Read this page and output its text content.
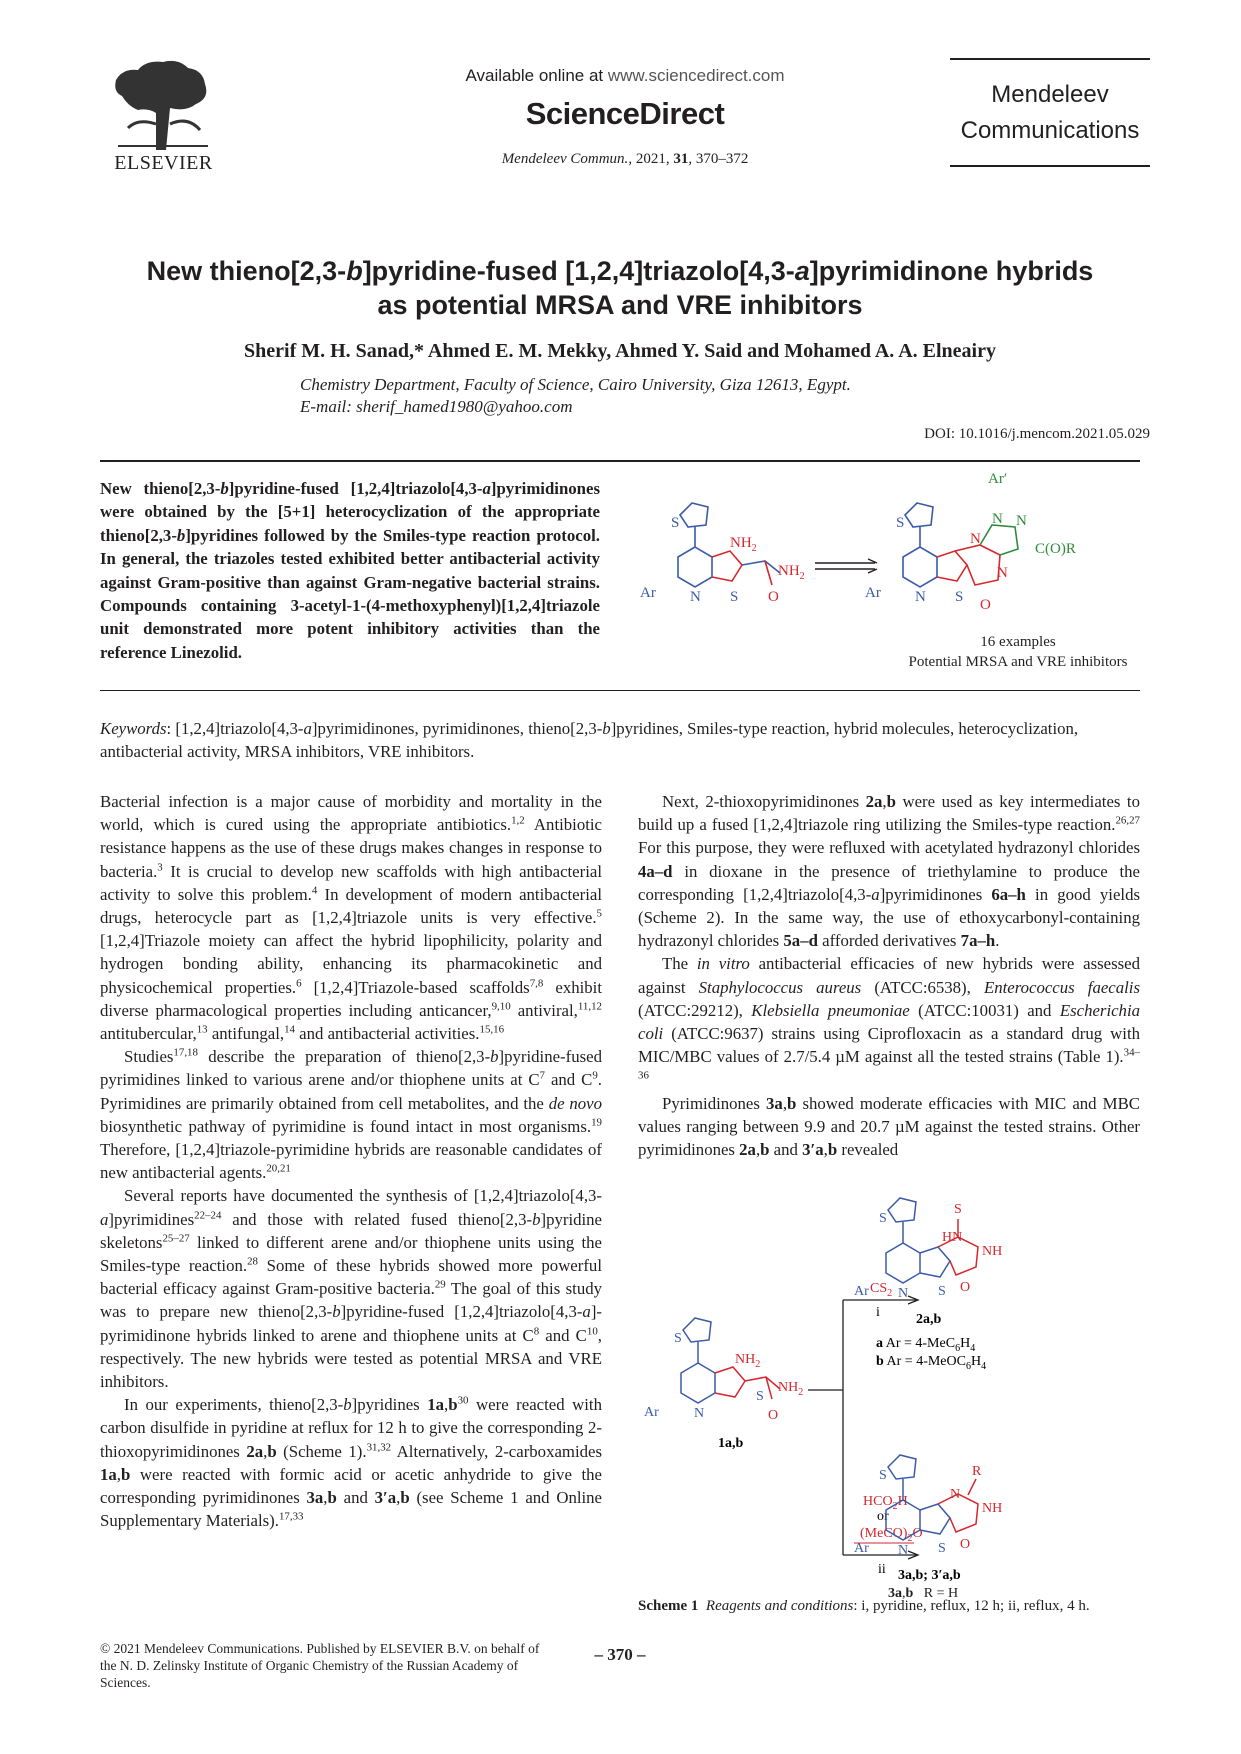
ELSEVIER
Available online at www.sciencedirect.com
ScienceDirect
Mendeleev Commun., 2021, 31, 370–372
Mendeleev
Communications
New thieno[2,3-b]pyridine-fused [1,2,4]triazolo[4,3-a]pyrimidinone hybrids
as potential MRSA and VRE inhibitors
Sherif M. H. Sanad,* Ahmed E. M. Mekky, Ahmed Y. Said and Mohamed A. A. Elneairy
Chemistry Department, Faculty of Science, Cairo University, Giza 12613, Egypt.
E-mail: sherif_hamed1980@yahoo.com
DOI: 10.1016/j.mencom.2021.05.029
New thieno[2,3-b]pyridine-fused [1,2,4]triazolo[4,3-a]pyrimidinones were obtained by the [5+1] heterocyclization of the appropriate thieno[2,3-b]pyridines followed by the Smiles-type reaction protocol. In general, the triazoles tested exhibited better antibacterial activity against Gram-positive than against Gram-negative bacterial strains. Compounds containing 3-acetyl-1-(4-methoxyphenyl)[1,2,4]triazole unit demonstrated more potent inhibitory activities than the reference Linezolid.
S
$NH_2$
$NH_2$
O
N S
Ar
S
N
N N
N
Ar′
C(O)R
O
N S
Ar
16 examples
Potential MRSA and VRE inhibitors
Keywords: [1,2,4]triazolo[4,3-a]pyrimidinones, pyrimidinones, thieno[2,3-b]pyridines, Smiles-type reaction, hybrid molecules, heterocyclization, antibacterial activity, MRSA inhibitors, VRE inhibitors.

Bacterial infection is a major cause of morbidity and mortality in the world, which is cured using the appropriate antibiotics.$^{1,2}$ Antibiotic resistance happens as the use of these drugs makes changes in response to bacteria.$^3$ It is crucial to develop new scaffolds with high antibacterial activity to solve this problem.$^4$ In development of modern antibacterial drugs, heterocycle part as [1,2,4]triazole units is very effective.$^5$ [1,2,4]Triazole moiety can affect the hybrid lipophilicity, polarity and hydrogen bonding ability, enhancing its pharmacokinetic and physicochemical properties.$^6$ [1,2,4]Triazole-based scaffolds$^{7,8}$ exhibit diverse pharmacological properties including anticancer,$^{9,10}$ antiviral,$^{11,12}$ antitubercular,$^{13}$ antifungal,$^{14}$ and antibacterial activities.$^{15,16}$

Studies$^{17,18}$ describe the preparation of thieno[2,3-b]pyridine-fused pyrimidines linked to various arene and/or thiophene units at $C^7$ and $C^9$. Pyrimidines are primarily obtained from cell metabolites, and the de novo biosynthetic pathway of pyrimidine is found intact in most organisms.$^{19}$ Therefore, [1,2,4]triazole-pyrimidine hybrids are reasonable candidates of new antibacterial agents.$^{20,21}$

Several reports have documented the synthesis of [1,2,4]triazolo[4,3-a]pyrimidines$^{22-24}$ and those with related fused thieno[2,3-b]pyridine skeletons$^{25-27}$ linked to different arene and/or thiophene units using the Smiles-type reaction.$^{28}$ Some of these hybrids showed more powerful bacterial efficacy against Gram-positive bacteria.$^{29}$ The goal of this study was to prepare new thieno[2,3-b]pyridine-fused [1,2,4]triazolo[4,3-a]-pyrimidinone hybrids linked to arene and thiophene units at $C^8$ and $C^{10}$, respectively. The new hybrids were tested as potential MRSA and VRE inhibitors.

In our experiments, thieno[2,3-b]pyridines $1a,b^{30}$ were reacted with carbon disulfide in pyridine at reflux for 12 h to give the corresponding 2-thioxopyrimidinones 2a,b (Scheme 1).$^{31,32}$ Alternatively, 2-carboxamides 1a,b were reacted with formic acid or acetic anhydride to give the corresponding pyrimidinones 3a,b and 3′a,b (see Scheme 1 and Online Supplementary Materials).$^{17,33}$

Next, 2-thioxopyrimidinones 2a,b were used as key intermediates to build up a fused [1,2,4]triazole ring utilizing the Smiles-type reaction.$^{26,27}$ For this purpose, they were refluxed with acetylated hydrazonyl chlorides 4a–d in dioxane in the presence of triethylamine to produce the corresponding [1,2,4]triazolo[4,3-a]pyrimidinones 6a–h in good yields (Scheme 2). In the same way, the use of ethoxycarbonyl-containing hydrazonyl chlorides 5a–d afforded derivatives 7a–h.

The in vitro antibacterial efficacies of new hybrids were assessed against Staphylococcus aureus (ATCC:6538), Enterococcus faecalis (ATCC:29212), Klebsiella pneumoniae (ATCC:10031) and Escherichia coli (ATCC:9637) strains using Ciprofloxacin as a standard drug with MIC/MBC values of 2.7/5.4 µM against all the tested strains (Table 1).$^{34-36}$

Pyrimidinones 3a,b showed moderate efficacies with MIC and MBC values ranging between 9.9 and 20.7 µM against the tested strains. Other pyrimidinones 2a,b and 3′a,b revealed

S
S
$NH_2$
$NH_2$
O
N
Ar
1a,b
$CS_2$
i
$HCO_2H$
or
$(MeCO)_2O$
ii
S
HN
S
NH
O
N S
Ar
2a,b
a $Ar = 4-MeC_6H_4$
b $Ar = 4-MeOC_6H_4$
S
N
R
NH
O
N S
Ar
3a,b; 3′a,b
3a,b   R = H
Scheme 1 Reagents and conditions: i, pyridine, reflux, 12 h; ii, reflux, 4 h.
© 2021 Mendeleev Communications. Published by ELSEVIER B.V. on behalf of the N. D. Zelinsky Institute of Organic Chemistry of the Russian Academy of Sciences.
– 370 –
